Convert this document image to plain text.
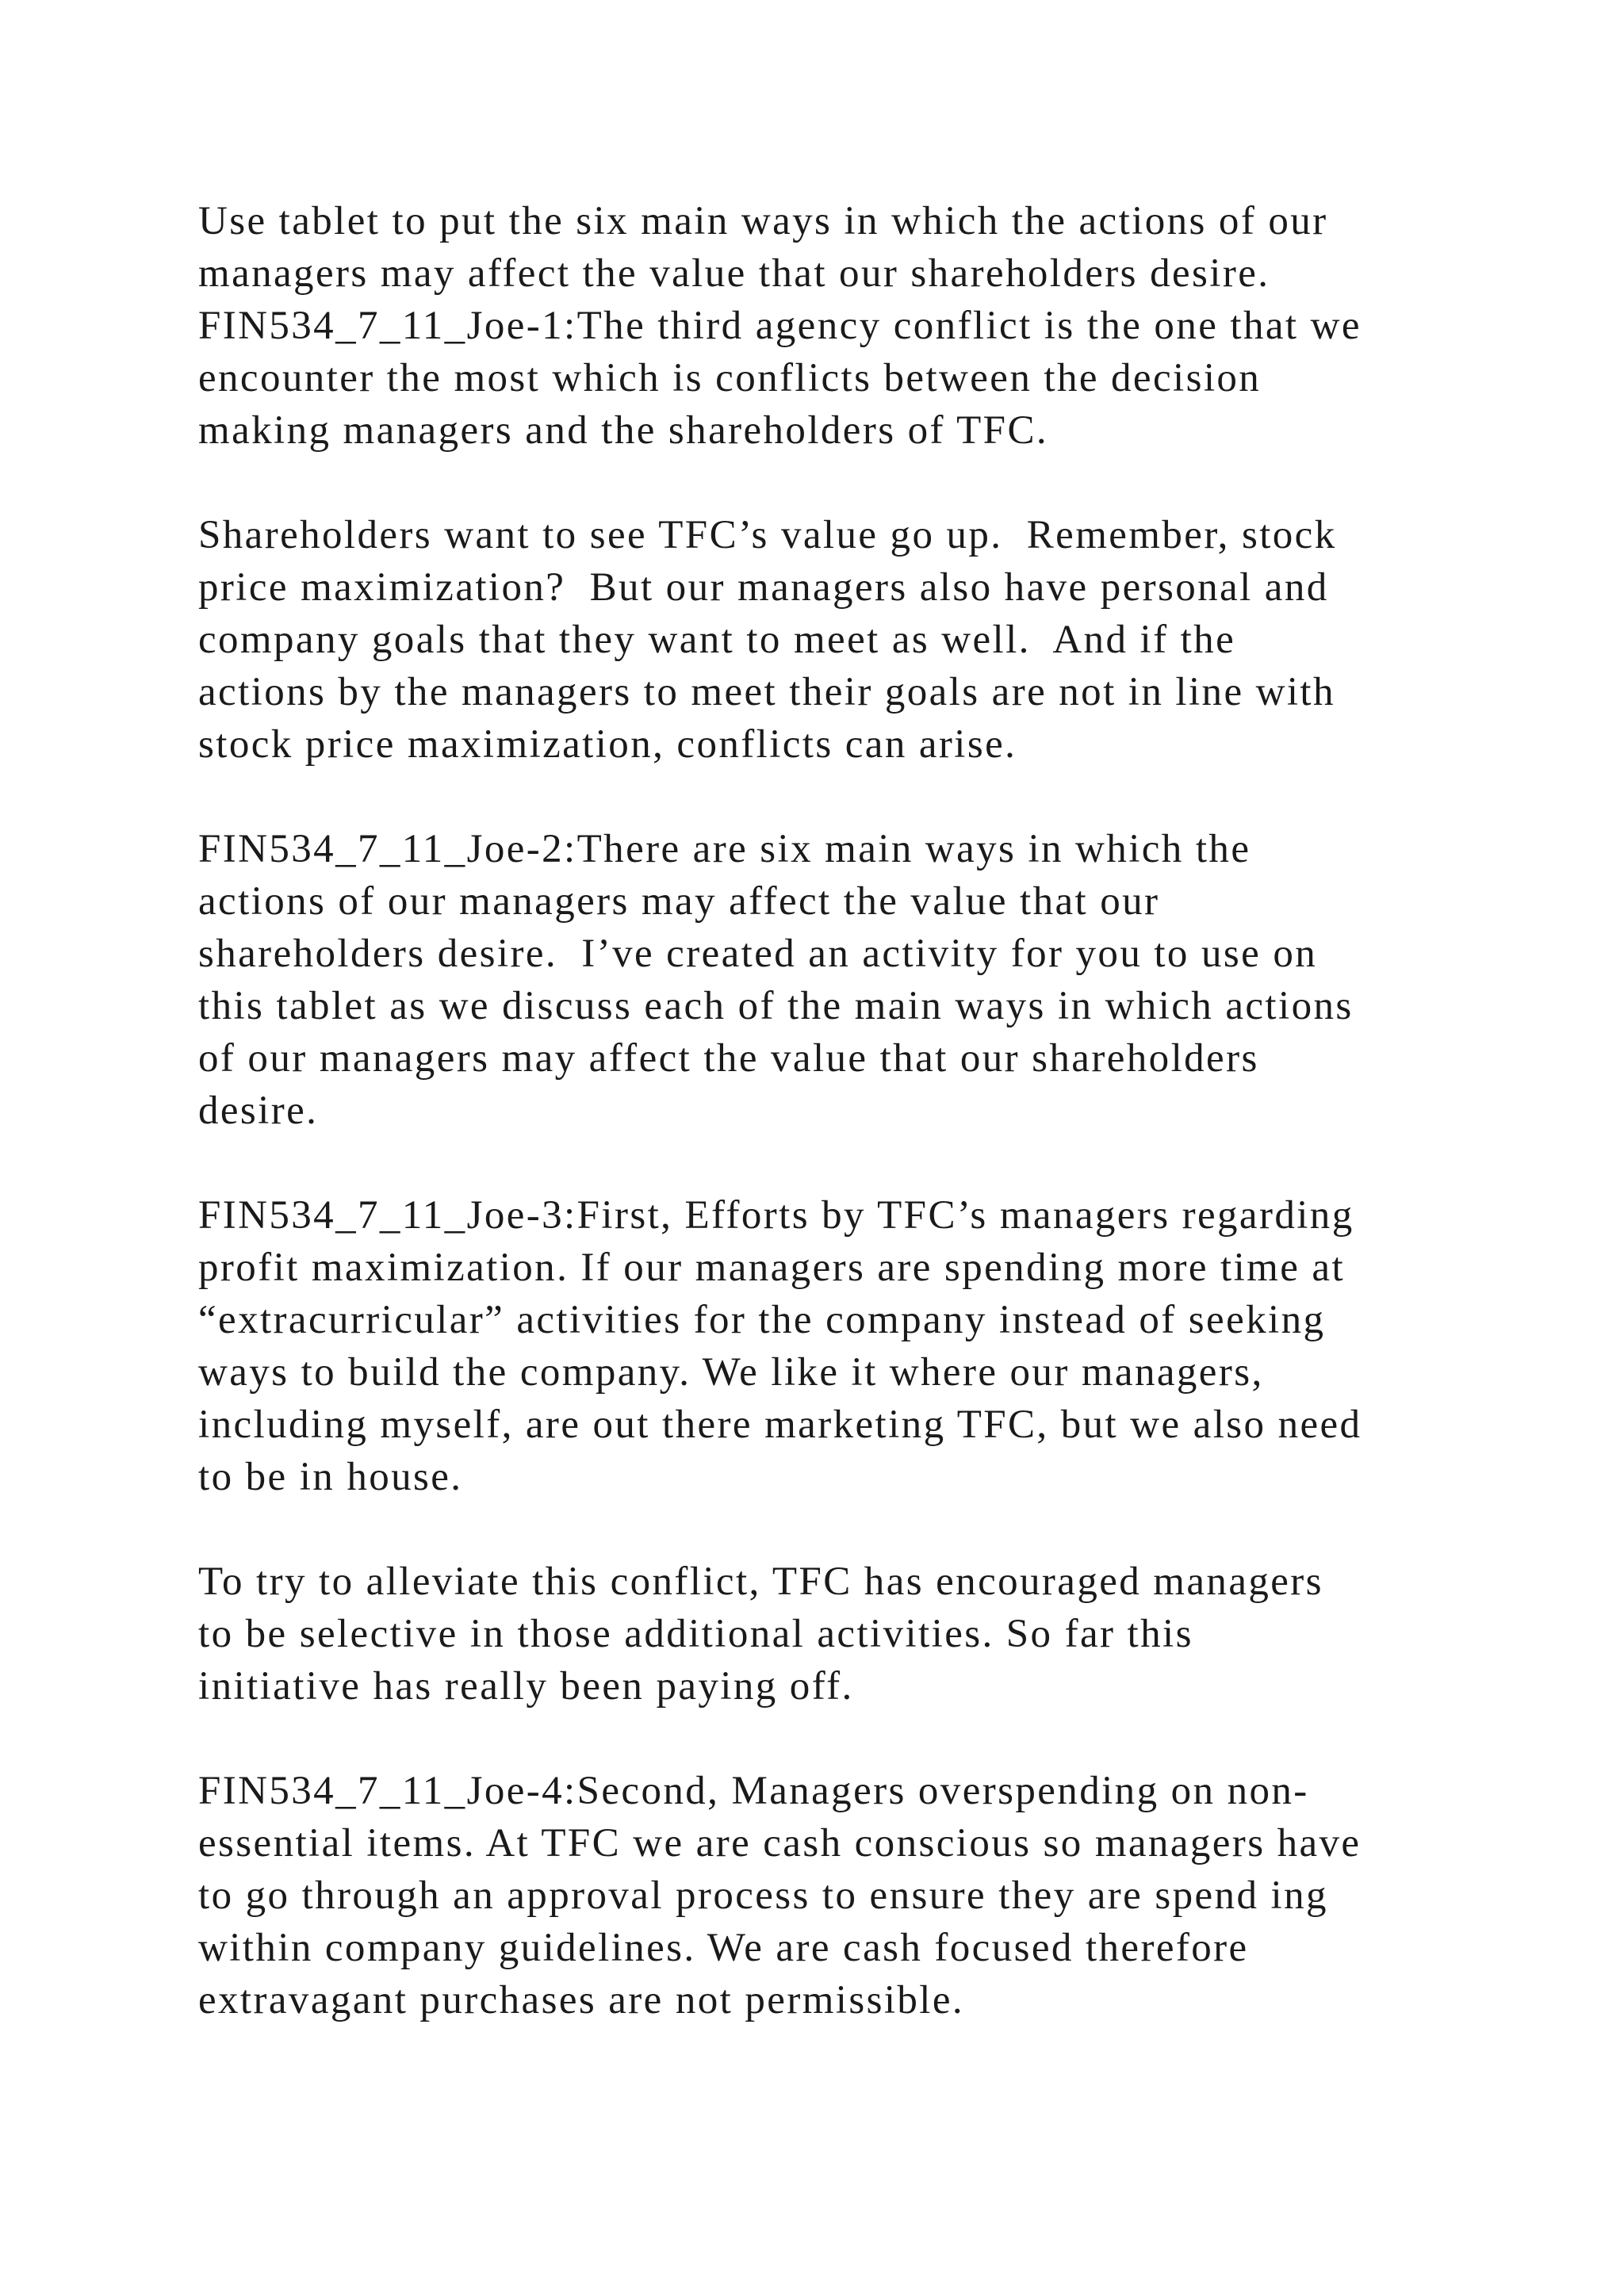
Use tablet to put the six main ways in which the actions of our
managers may affect the value that our shareholders desire.
FIN534_7_11_Joe-1:The third agency conflict is the one that we
encounter the most which is conflicts between the decision
making managers and the shareholders of TFC.
Shareholders want to see TFC’s value go up.  Remember, stock
price maximization?  But our managers also have personal and
company goals that they want to meet as well.  And if the
actions by the managers to meet their goals are not in line with
stock price maximization, conflicts can arise.
FIN534_7_11_Joe-2:There are six main ways in which the
actions of our managers may affect the value that our
shareholders desire.  I’ve created an activity for you to use on
this tablet as we discuss each of the main ways in which actions
of our managers may affect the value that our shareholders
desire.
FIN534_7_11_Joe-3:First, Efforts by TFC’s managers regarding
profit maximization. If our managers are spending more time at
“extracurricular” activities for the company instead of seeking
ways to build the company. We like it where our managers,
including myself, are out there marketing TFC, but we also need
to be in house.
To try to alleviate this conflict, TFC has encouraged managers
to be selective in those additional activities. So far this
initiative has really been paying off.
FIN534_7_11_Joe-4:Second, Managers overspending on non-
essential items. At TFC we are cash conscious so managers have
to go through an approval process to ensure they are spend ing
within company guidelines. We are cash focused therefore
extravagant purchases are not permissible.
